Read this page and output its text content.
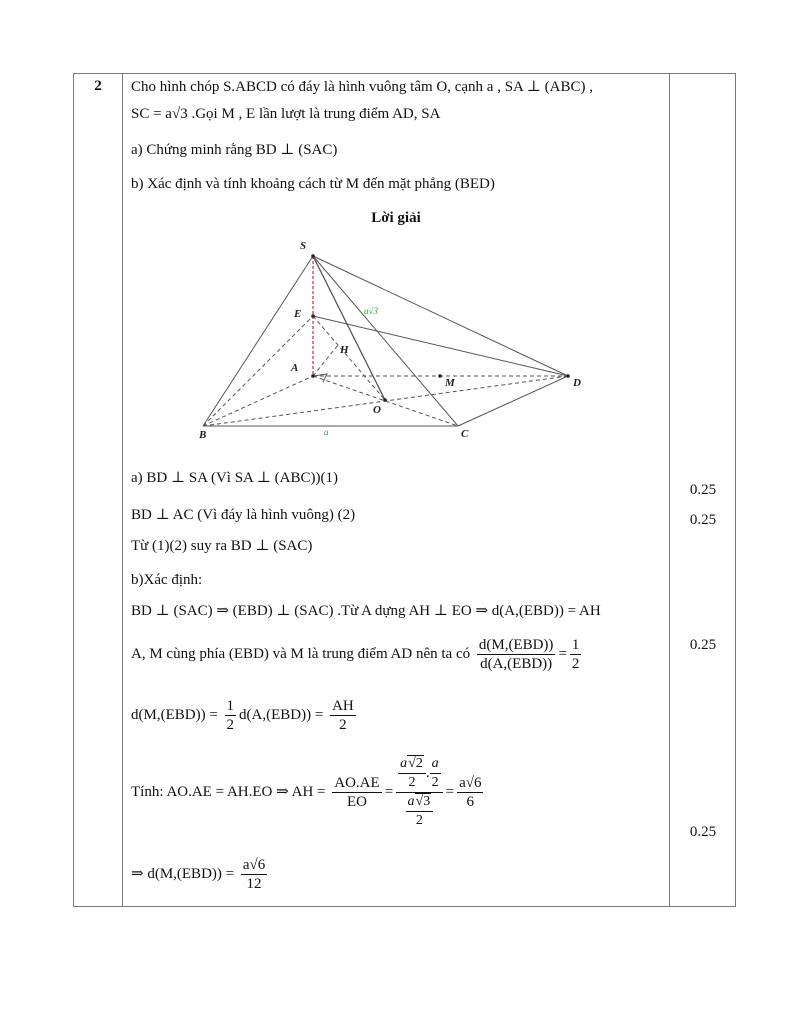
2	Cho hình chóp S.ABCD có đáy là hình vuông tâm O, cạnh a , SA ⊥ (ABC) ,
SC = a√3 .Gọi M , E lần lượt là trung điểm AD, SA
a) Chứng minh rằng BD ⊥ (SAC)
b) Xác định và tính khoảng cách từ M đến mặt phẳng (BED)
Lời giải
S
E
H
A
M
O
D
B	C
a√3
a
a) BD ⊥ SA (Vì SA ⊥ (ABC))(1)
BD ⊥ AC (Vì đáy là hình vuông) (2)
Từ (1)(2) suy ra BD ⊥ (SAC)
b)Xác định:
BD ⊥ (SAC) ⇒ (EBD) ⊥ (SAC) .Từ A dựng AH ⊥ EO ⇒ d(A,(EBD)) = AH
A, M cùng phía (EBD) và M là trung điểm AD nên ta có $\frac{\text{d(M,(EBD))}}{\text{d(A,(EBD))}} = \frac{1}{2}$
$d(M,(EBD)) = \frac{1}{2} d(A,(EBD)) = \frac{AH}{2}$
Tính: AO.AE = AH.EO ⇒ AH = $\frac{AO.AE}{EO} = \frac{\frac{a√2}{2} . \frac{a}{2}}{\frac{a√3}{2}} = \frac{a√6}{6}$
⇒ $d(M,(EBD)) = \frac{a√6}{12}$
0.25
0.25
0.25
0.25
